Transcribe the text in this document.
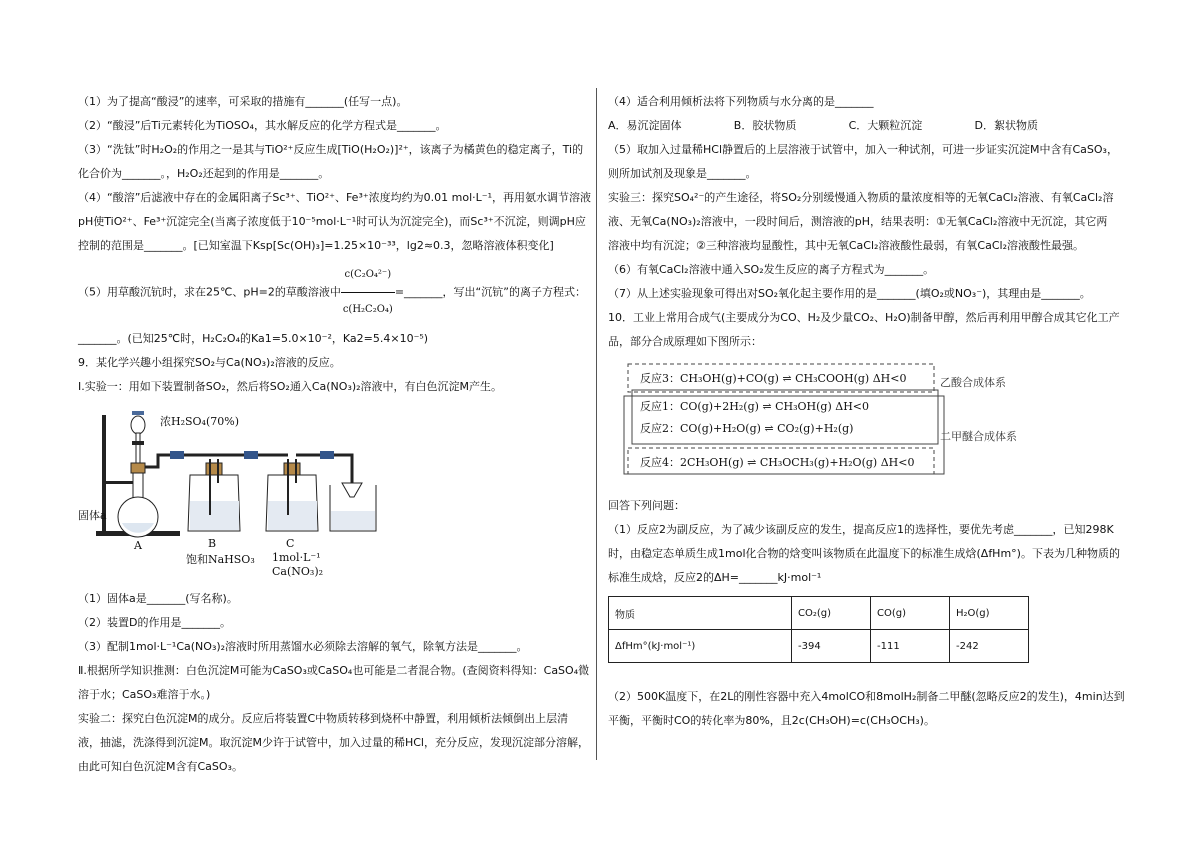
（1）为了提高“酸浸”的速率，可采取的措施有_______(任写一点)。

（2）“酸浸”后Ti元素转化为TiOSO₄，其水解反应的化学方程式是_______。

（3）“洗钛”时H₂O₂的作用之一是其与TiO²⁺反应生成[TiO(H₂O₂)]²⁺，该离子为橘黄色的稳定离子，Ti的

化合价为_______。，H₂O₂还起到的作用是_______。

（4）“酸溶”后滤液中存在的金属阳离子Sc³⁺、TiO²⁺、Fe³⁺浓度均约为0.01 mol·L⁻¹，再用氨水调节溶液

pH使TiO²⁺、Fe³⁺沉淀完全(当离子浓度低于10⁻⁵mol·L⁻¹时可认为沉淀完全)，而Sc³⁺不沉淀，则调pH应

控制的范围是_______。[已知室温下Ksp[Sc(OH)₃]=1.25×10⁻³³，lg2≈0.3，忽略溶液体积变化]

（5）用草酸沉钪时，求在25℃、pH=2的草酸溶液中 $\frac{\text{c(C₂O₄²⁻)}}{\text{c(H₂C₂O₄)}}$ =_______，写出“沉钪”的离子方程式：

_______。(已知25℃时，H₂C₂O₄的Ka1=5.0×10⁻²，Ka2=5.4×10⁻⁵)

9．某化学兴趣小组探究SO₂与Ca(NO₃)₂溶液的反应。

Ⅰ.实验一：用如下装置制备SO₂，然后将SO₂通入Ca(NO₃)₂溶液中，有白色沉淀M产生。

浓H₂SO₄(70%)
固体a
A	B
饱和NaHSO₃
C
1mol·L⁻¹
Ca(NO₃)₂

（1）固体a是_______(写名称)。

（2）装置D的作用是_______。

（3）配制1mol·L⁻¹Ca(NO₃)₂溶液时所用蒸馏水必须除去溶解的氧气，除氧方法是_______。

Ⅱ.根据所学知识推测：白色沉淀M可能为CaSO₃或CaSO₄也可能是二者混合物。(查阅资料得知：CaSO₄微

溶于水；CaSO₃难溶于水。)

实验二：探究白色沉淀M的成分。反应后将装置C中物质转移到烧杯中静置，利用倾析法倾倒出上层清

液，抽滤，洗涤得到沉淀M。取沉淀M少许于试管中，加入过量的稀HCl，充分反应，发现沉淀部分溶解，

由此可知白色沉淀M含有CaSO₃。

（4）适合利用倾析法将下列物质与水分离的是_______

A．易沉淀固体	B．胶状物质	C．大颗粒沉淀	D．絮状物质

（5）取加入过量稀HCl静置后的上层溶液于试管中，加入一种试剂，可进一步证实沉淀M中含有CaSO₃，

则所加试剂及现象是_______。

实验三：探究SO₄²⁻的产生途径，将SO₂分别缓慢通入物质的量浓度相等的无氧CaCl₂溶液、有氧CaCl₂溶

液、无氧Ca(NO₃)₂溶液中，一段时间后，测溶液的pH，结果表明：①无氧CaCl₂溶液中无沉淀，其它两

溶液中均有沉淀；②三种溶液均显酸性，其中无氧CaCl₂溶液酸性最弱，有氧CaCl₂溶液酸性最强。

（6）有氧CaCl₂溶液中通入SO₂发生反应的离子方程式为_______。

（7）从上述实验现象可得出对SO₂氧化起主要作用的是_______(填O₂或NO₃⁻)，其理由是_______。

10．工业上常用合成气(主要成分为CO、H₂及少量CO₂、H₂O)制备甲醇，然后再利用甲醇合成其它化工产

品，部分合成原理如下图所示：

反应3：CH₃OH(g)+CO(g) ⇌ CH₃COOH(g) ΔH<0
反应1：CO(g)+2H₂(g) ⇌ CH₃OH(g) ΔH<0
反应2：CO(g)+H₂O(g) ⇌ CO₂(g)+H₂(g)
反应4：2CH₃OH(g) ⇌ CH₃OCH₃(g)+H₂O(g) ΔH<0
乙酸合成体系
二甲醚合成体系

回答下列问题：

（1）反应2为副反应，为了减少该副反应的发生，提高反应1的选择性，要优先考虑_______，已知298K

时，由稳定态单质生成1mol化合物的焓变叫该物质在此温度下的标准生成焓(ΔfHm°)。下表为几种物质的

标准生成焓，反应2的ΔH=_______kJ·mol⁻¹

物质	CO₂(g)	CO(g)	H₂O(g)
ΔfHm°(kJ·mol⁻¹)	-394	-111	-242

（2）500K温度下，在2L的刚性容器中充入4molCO和8molH₂制备二甲醚(忽略反应2的发生)，4min达到

平衡，平衡时CO的转化率为80%，且2c(CH₃OH)=c(CH₃OCH₃)。
